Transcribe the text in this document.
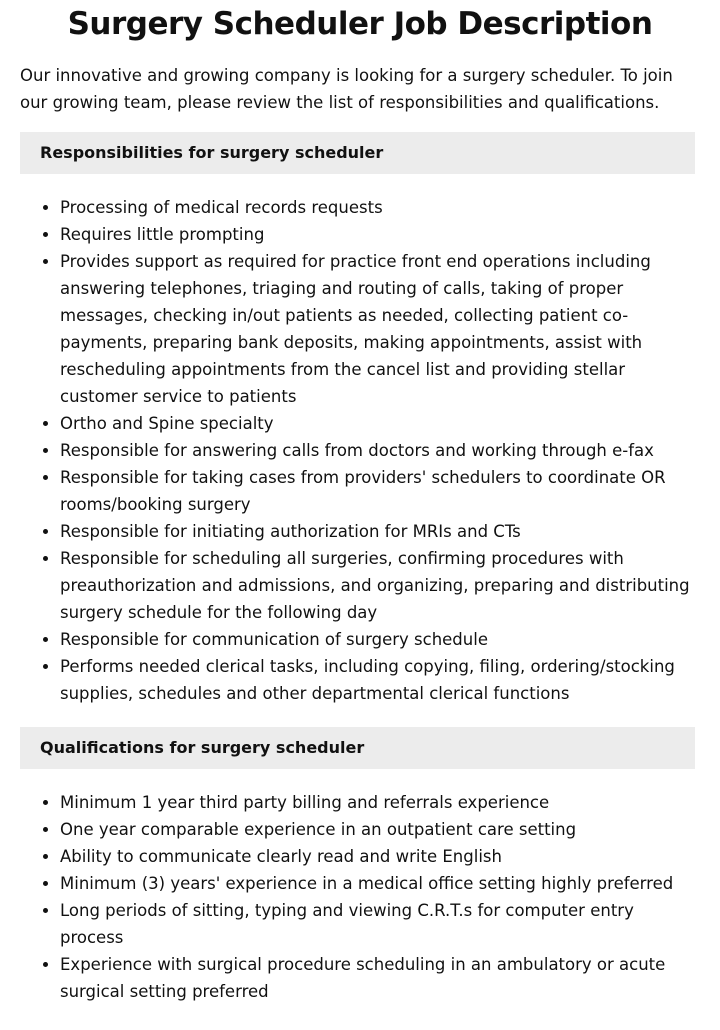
Surgery Scheduler Job Description

Our innovative and growing company is looking for a surgery scheduler. To join our growing team, please review the list of responsibilities and qualifications.

Responsibilities for surgery scheduler
• Processing of medical records requests
• Requires little prompting
• Provides support as required for practice front end operations including answering telephones, triaging and routing of calls, taking of proper messages, checking in/out patients as needed, collecting patient co-payments, preparing bank deposits, making appointments, assist with rescheduling appointments from the cancel list and providing stellar customer service to patients
• Ortho and Spine specialty
• Responsible for answering calls from doctors and working through e-fax
• Responsible for taking cases from providers' schedulers to coordinate OR rooms/booking surgery
• Responsible for initiating authorization for MRIs and CTs
• Responsible for scheduling all surgeries, confirming procedures with preauthorization and admissions, and organizing, preparing and distributing surgery schedule for the following day
• Responsible for communication of surgery schedule
• Performs needed clerical tasks, including copying, filing, ordering/stocking supplies, schedules and other departmental clerical functions
Qualifications for surgery scheduler
• Minimum 1 year third party billing and referrals experience
• One year comparable experience in an outpatient care setting
• Ability to communicate clearly read and write English
• Minimum (3) years' experience in a medical office setting highly preferred
• Long periods of sitting, typing and viewing C.R.T.s for computer entry process
• Experience with surgical procedure scheduling in an ambulatory or acute surgical setting preferred
